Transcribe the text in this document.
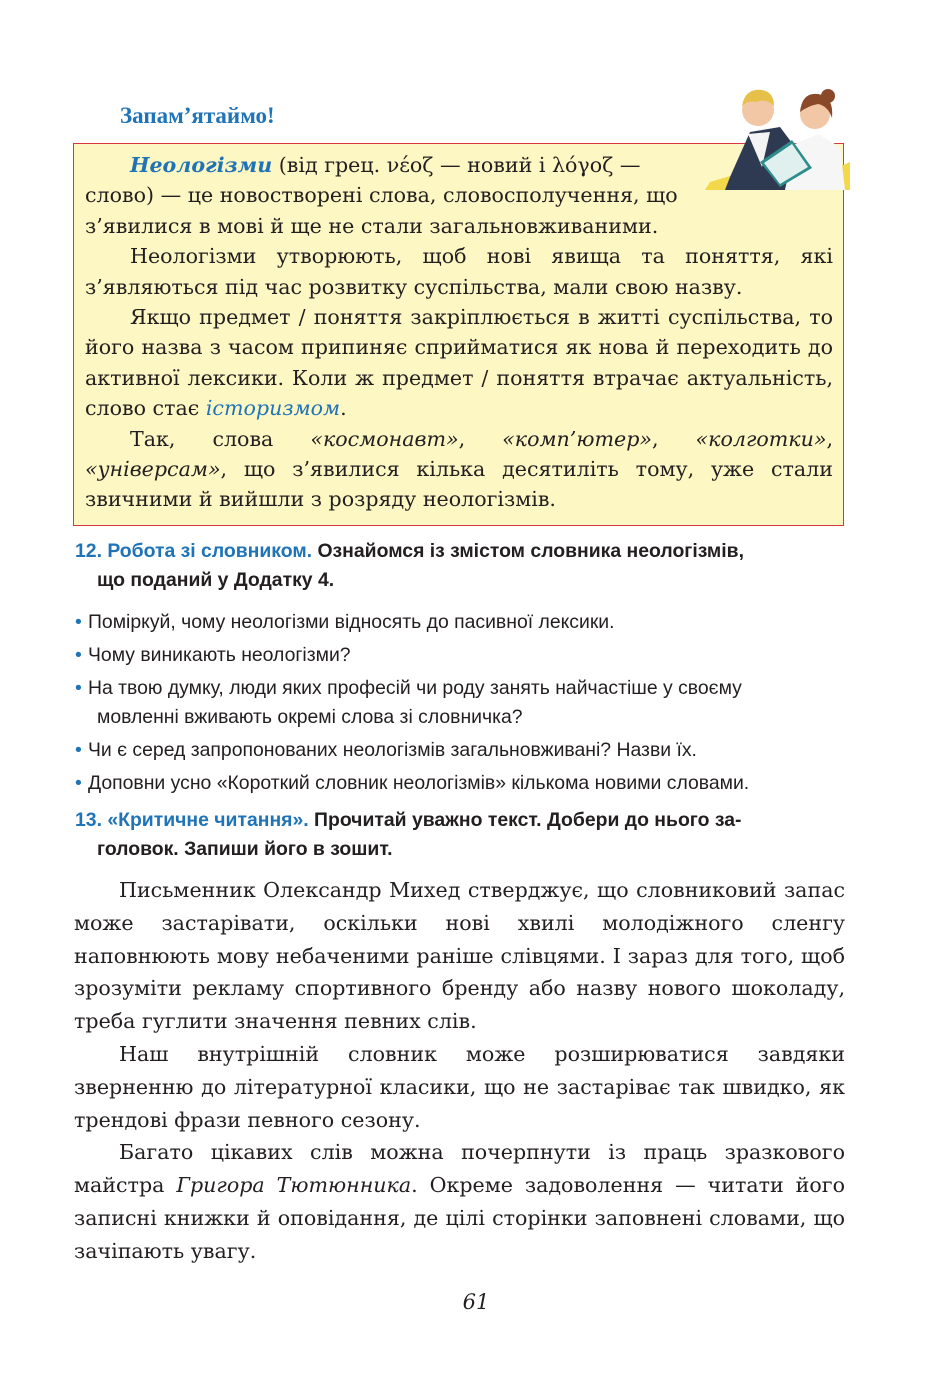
Запам’ятаймо!

Неологізми (від грец. νέοζ — новий і λόγοζ —

слово) — це новостворені слова, словосполучення, що

з’явилися в мові й ще не стали загальновживаними.

Неологізми утворюють, щоб нові явища та поняття, які з’являються під час розвитку суспільства, мали свою назву.

Якщо предмет / поняття закріплюється в житті суспільства, то його назва з часом припиняє сприйматися як нова й переходить до активної лексики. Коли ж предмет / поняття втрачає актуальність, слово стає історизмом.

Так, слова «космонавт», «комп’ютер», «колготки», «універсам», що з’явилися кілька десятиліть тому, уже стали звичними й вийшли з розряду неологізмів.

12. Робота зі словником. Ознайомся із змістом словника неологізмів,
що поданий у Додатку 4.
• Поміркуй, чому неологізми відносять до пасивної лексики.
• Чому виникають неологізми?
• На твою думку, люди яких професій чи роду занять найчастіше у своєму
мовленні вживають окремі слова зі словничка?
• Чи є серед запропонованих неологізмів загальновживані? Назви їх.
• Доповни усно «Короткий словник неологізмів» кількома новими словами.
13. «Критичне читання». Прочитай уважно текст. Добери до нього за-
головок. Запиши його в зошит.

Письменник Олександр Михед стверджує, що словниковий запас може застарівати, оскільки нові хвилі молодіжного сленгу наповнюють мову небаченими раніше слівцями. І зараз для того, щоб зрозуміти рекламу спортивного бренду або назву нового шоколаду, треба гуглити значення певних слів.

Наш внутрішній словник може розширюватися завдяки зверненню до літературної класики, що не застаріває так швидко, як трендові фрази певного сезону.

Багато цікавих слів можна почерпнути із праць зразкового майстра Григора Тютюнника. Окреме задоволення — читати його записні книжки й оповідання, де цілі сторінки заповнені словами, що зачіпають увагу.

61
